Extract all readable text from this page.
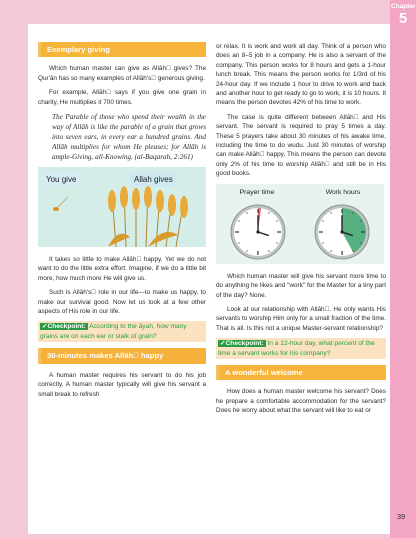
Chapter
5
Exemplary giving

Which human master can give as Allāh᷵ gives? The Qur'ān has so many examples of Allāh's᷵ generous giving.

For example, Allāh᷵ says if you give one grain in charity, He multiplies it 700 times.

The Parable of those who spend their wealth in the way of Allāh is like the parable of a grain that grows into seven ears, in every ear a hundred grains. And Allāh multiplies for whom He pleases; for Allāh is ample-Giving, all-Knowing. (al-Baqarah, 2:261)

You give	Allah gives

It takes so little to make Allāh᷵ happy. Yet we do not want to do the little extra effort. Imagine, if we do a little bit more, how much more He will give us.

Such is Allāh's᷵ role in our life—to make us happy, to make our survival good. Now let us look at a few other aspects of His role in our life.

✓Checkpoint: According to the āyah, how many grains are on each ear or stalk of grain?
30-minutes makes Allāh᷵ happy

A human master requires his servant to do his job correctly. A human master typically will give his servant a small break to refresh

or relax. It is work and work all day. Think of a person who does an 8–5 job in a company. He is also a servant of the company. This person works for 8 hours and gets a 1-hour lunch break. This means the person works for 1/3rd of his 24-hour day. If we include 1 hour to drive to work and back and another hour to get ready to go to work, it is 10 hours. It means the person devotes 42% of his time to work.

The case is quite different between Allāh᷵ and His servant. The servant is required to pray 5 times a day. These 5 prayers take about 30 minutes of his awake time, including the time to do wudu. Just 30 minutes of worship can make Allāh᷵ happy. This means the person can devote only 2% of his time to worship Allāh᷵ and still be in His good books.

Prayer time	Work hours

Which human master will give his servant more time to do anything he likes and "work" for the Master for a tiny part of the day? None.

Look at our relationship with Allāh᷵. He only wants His servants to worship Him only for a small fraction of the time. That is all. Is this not a unique Master-servant relationship?

✓Checkpoint: In a 12-hour day, what percent of the time a servant works for his company?
A wonderful welcome

How does a human master welcome his servant? Does he prepare a comfortable accommodation for the servant? Does he worry about what the servant will like to eat or

39
